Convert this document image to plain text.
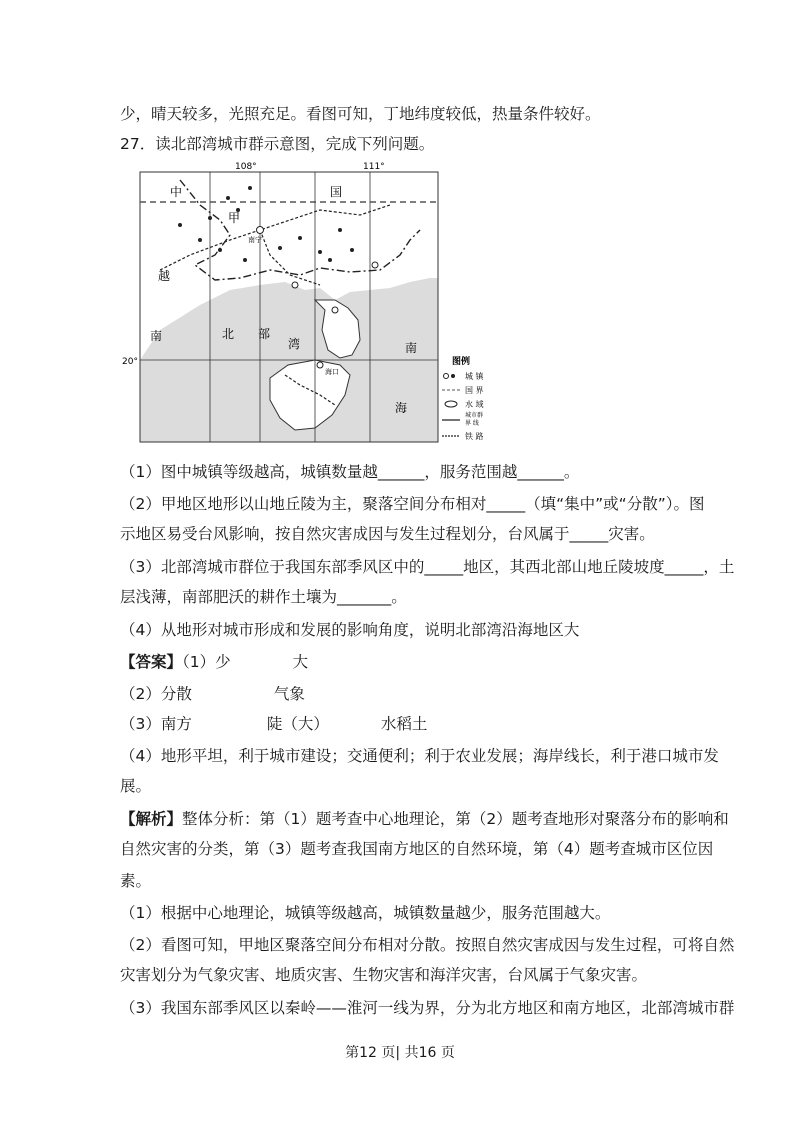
少，晴天较多，光照充足。看图可知，丁地纬度较低，热量条件较好。
27．读北部湾城市群示意图，完成下列问题。
108°	111°
20°
中	国
甲
南宁
越
南	北 部
湾
海口
南
海
图例
城 镇
国 界
水 域
城市群
界 线
铁 路
（1）图中城镇等级越高，城镇数量越______，服务范围越______。
（2）甲地区地形以山地丘陵为主，聚落空间分布相对_____（填“集中”或“分散”）。图
示地区易受台风影响，按自然灾害成因与发生过程划分，台风属于_____灾害。
（3）北部湾城市群位于我国东部季风区中的_____地区，其西北部山地丘陵坡度_____，土
层浅薄，南部肥沃的耕作土壤为_______。
（4）从地形对城市形成和发展的影响角度，说明北部湾沿海地区大
【答案】（1）少	大
（2）分散	气象
（3）南方	陡（大）	水稻土
（4）地形平坦，利于城市建设；交通便利；利于农业发展；海岸线长，利于港口城市发
展。
【解析】整体分析：第（1）题考查中心地理论，第（2）题考查地形对聚落分布的影响和
自然灾害的分类，第（3）题考查我国南方地区的自然环境，第（4）题考查城市区位因
素。
（1）根据中心地理论，城镇等级越高，城镇数量越少，服务范围越大。
（2）看图可知，甲地区聚落空间分布相对分散。按照自然灾害成因与发生过程，可将自然
灾害划分为气象灾害、地质灾害、生物灾害和海洋灾害，台风属于气象灾害。
（3）我国东部季风区以秦岭——淮河一线为界，分为北方地区和南方地区，北部湾城市群
第12 页| 共16 页
